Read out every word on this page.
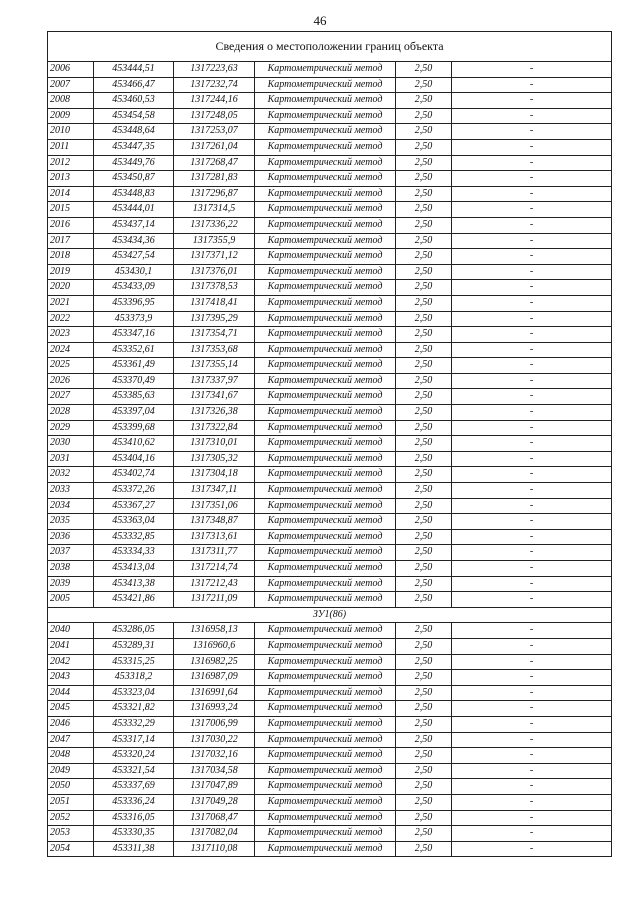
46
Сведения о местоположении границ объекта					
2006	453444,51	1317223,63	Картометрический метод	2,50	-
2007	453466,47	1317232,74	Картометрический метод	2,50	-
2008	453460,53	1317244,16	Картометрический метод	2,50	-
2009	453454,58	1317248,05	Картометрический метод	2,50	-
2010	453448,64	1317253,07	Картометрический метод	2,50	-
2011	453447,35	1317261,04	Картометрический метод	2,50	-
2012	453449,76	1317268,47	Картометрический метод	2,50	-
2013	453450,87	1317281,83	Картометрический метод	2,50	-
2014	453448,83	1317296,87	Картометрический метод	2,50	-
2015	453444,01	1317314,5	Картометрический метод	2,50	-
2016	453437,14	1317336,22	Картометрический метод	2,50	-
2017	453434,36	1317355,9	Картометрический метод	2,50	-
2018	453427,54	1317371,12	Картометрический метод	2,50	-
2019	453430,1	1317376,01	Картометрический метод	2,50	-
2020	453433,09	1317378,53	Картометрический метод	2,50	-
2021	453396,95	1317418,41	Картометрический метод	2,50	-
2022	453373,9	1317395,29	Картометрический метод	2,50	-
2023	453347,16	1317354,71	Картометрический метод	2,50	-
2024	453352,61	1317353,68	Картометрический метод	2,50	-
2025	453361,49	1317355,14	Картометрический метод	2,50	-
2026	453370,49	1317337,97	Картометрический метод	2,50	-
2027	453385,63	1317341,67	Картометрический метод	2,50	-
2028	453397,04	1317326,38	Картометрический метод	2,50	-
2029	453399,68	1317322,84	Картометрический метод	2,50	-
2030	453410,62	1317310,01	Картометрический метод	2,50	-
2031	453404,16	1317305,32	Картометрический метод	2,50	-
2032	453402,74	1317304,18	Картометрический метод	2,50	-
2033	453372,26	1317347,11	Картометрический метод	2,50	-
2034	453367,27	1317351,06	Картометрический метод	2,50	-
2035	453363,04	1317348,87	Картометрический метод	2,50	-
2036	453332,85	1317313,61	Картометрический метод	2,50	-
2037	453334,33	1317311,77	Картометрический метод	2,50	-
2038	453413,04	1317214,74	Картометрический метод	2,50	-
2039	453413,38	1317212,43	Картометрический метод	2,50	-
2005	453421,86	1317211,09	Картометрический метод	2,50	-
ЗУ1(86)					
2040	453286,05	1316958,13	Картометрический метод	2,50	-
2041	453289,31	1316960,6	Картометрический метод	2,50	-
2042	453315,25	1316982,25	Картометрический метод	2,50	-
2043	453318,2	1316987,09	Картометрический метод	2,50	-
2044	453323,04	1316991,64	Картометрический метод	2,50	-
2045	453321,82	1316993,24	Картометрический метод	2,50	-
2046	453332,29	1317006,99	Картометрический метод	2,50	-
2047	453317,14	1317030,22	Картометрический метод	2,50	-
2048	453320,24	1317032,16	Картометрический метод	2,50	-
2049	453321,54	1317034,58	Картометрический метод	2,50	-
2050	453337,69	1317047,89	Картометрический метод	2,50	-
2051	453336,24	1317049,28	Картометрический метод	2,50	-
2052	453316,05	1317068,47	Картометрический метод	2,50	-
2053	453330,35	1317082,04	Картометрический метод	2,50	-
2054	453311,38	1317110,08	Картометрический метод	2,50	-
